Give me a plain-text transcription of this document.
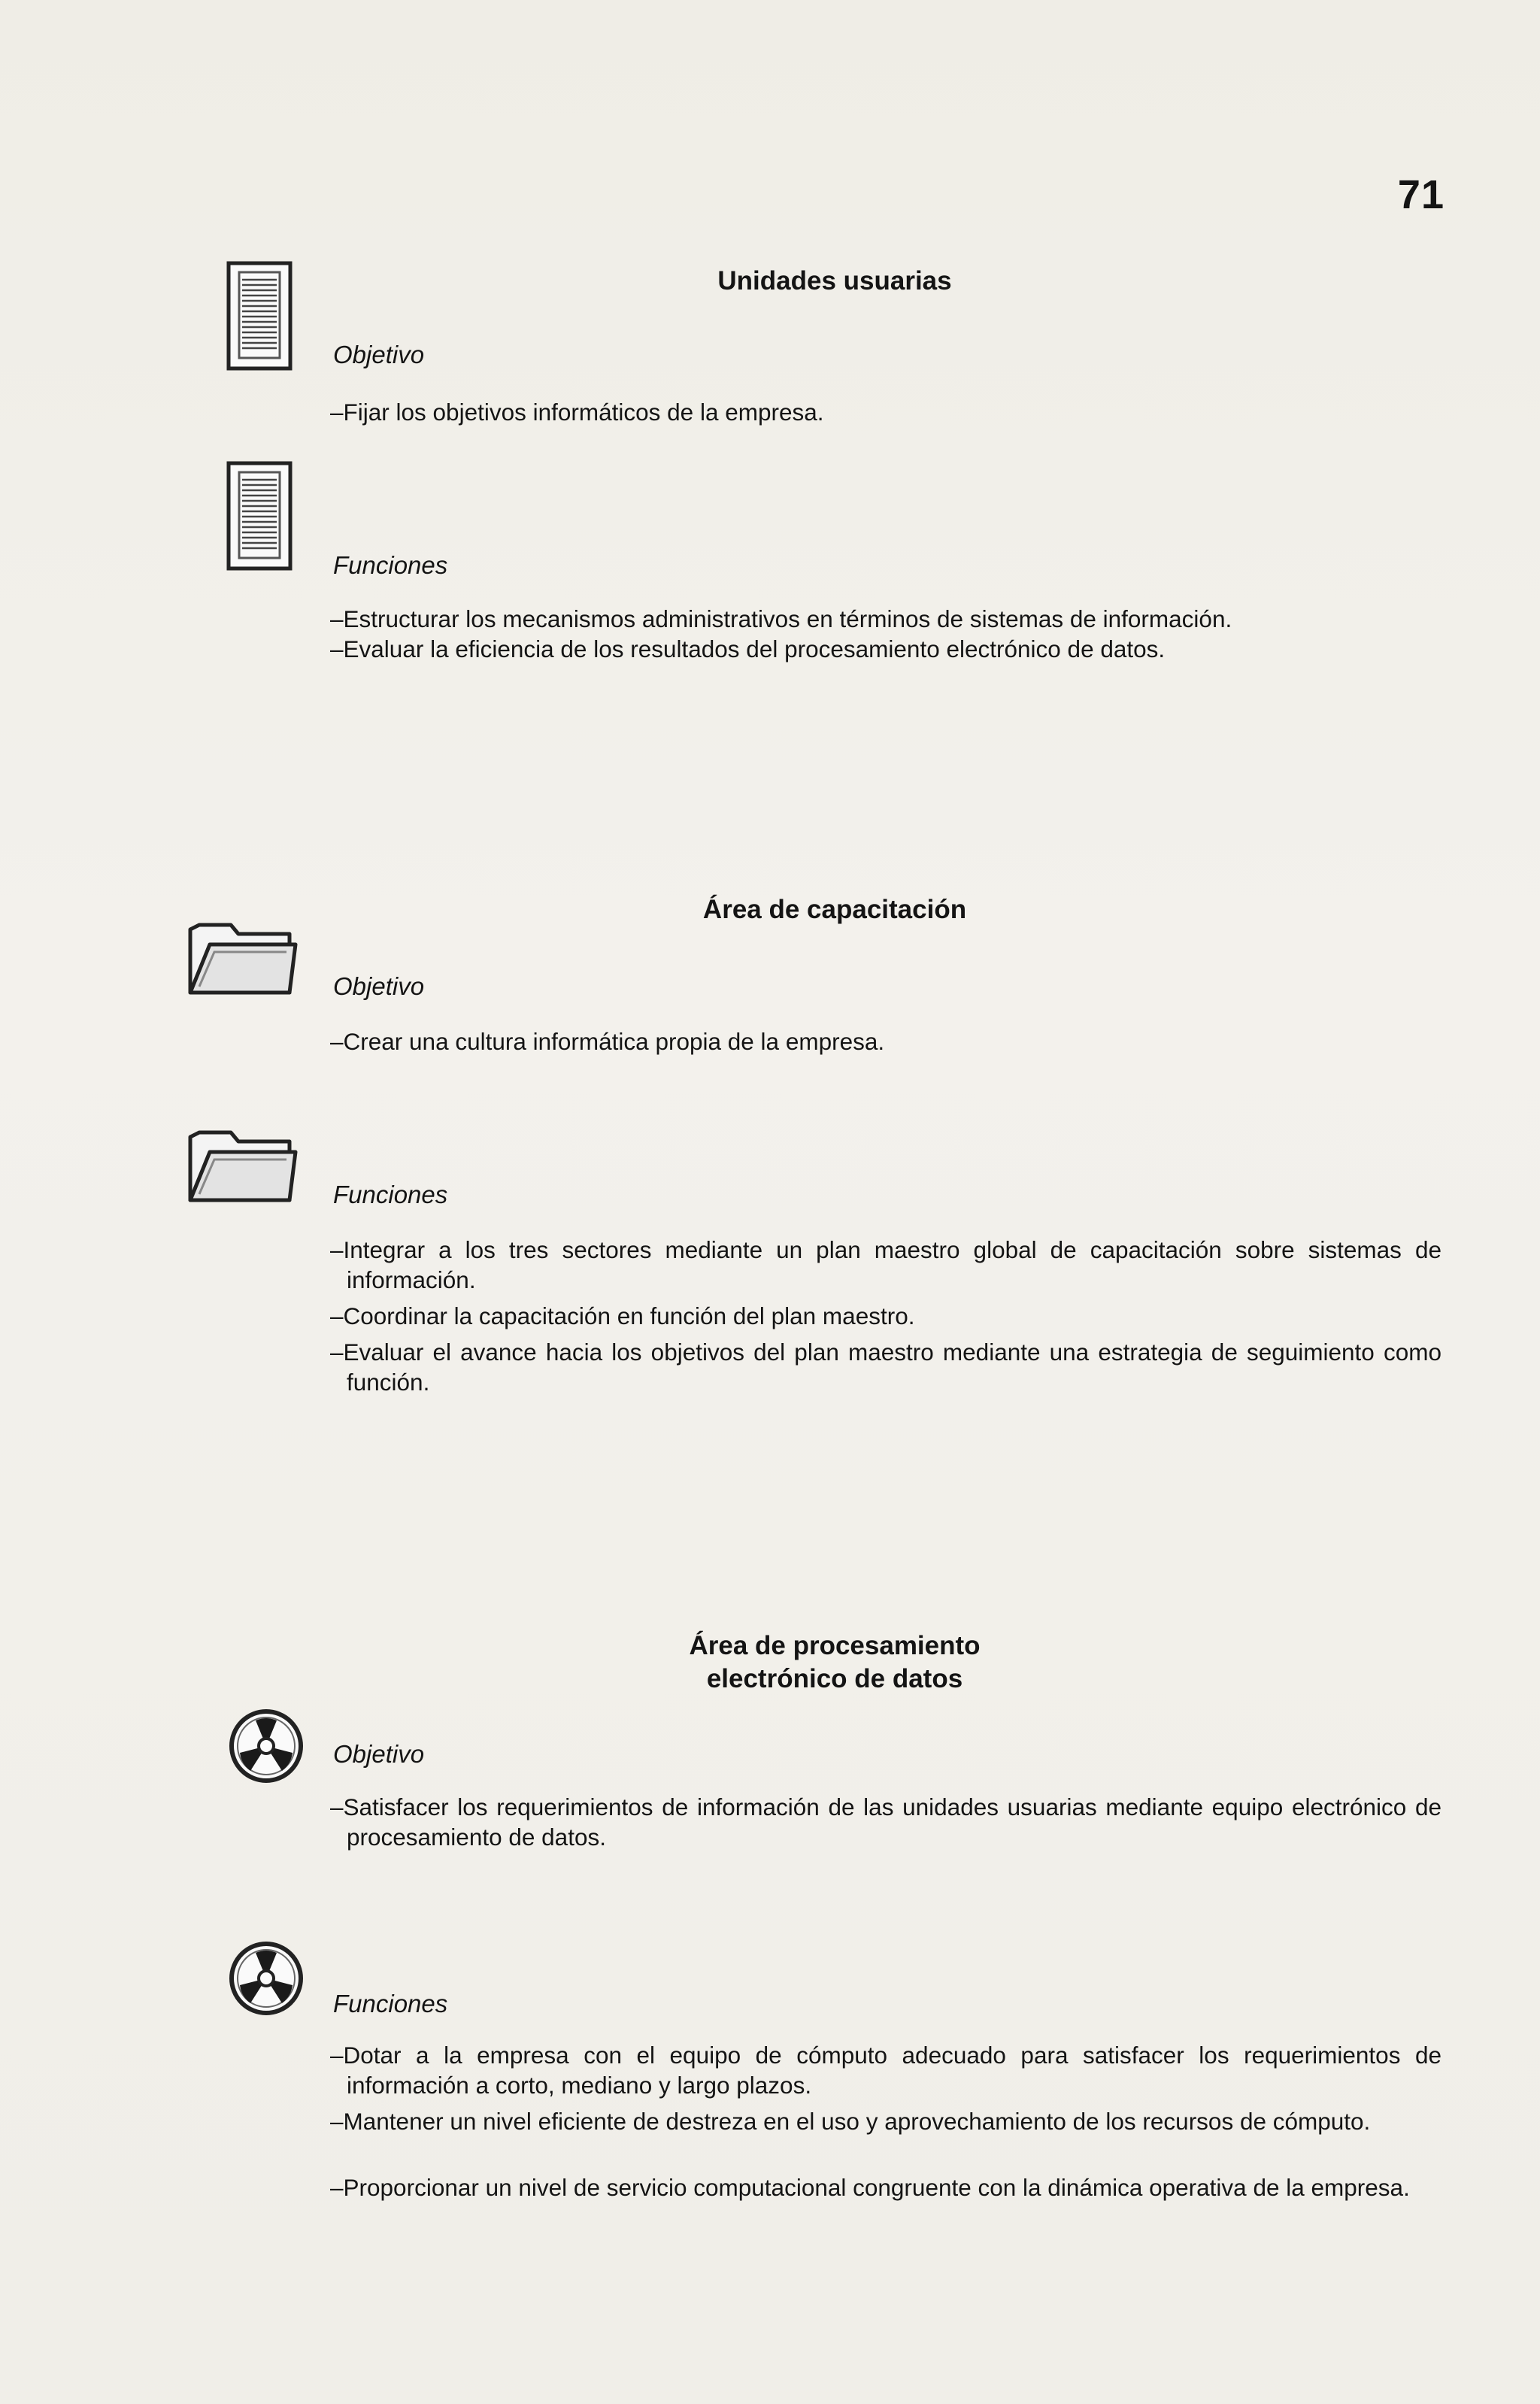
71
Unidades usuarias
Objetivo
–Fijar los objetivos informáticos de la empresa.
Funciones
–Estructurar los mecanismos administrativos en términos de sistemas de información.
–Evaluar la eficiencia de los resultados del procesamiento electrónico de datos.
Área de capacitación
Objetivo
–Crear una cultura informática propia de la empresa.
Funciones
–Integrar a los tres sectores mediante un plan maestro global de capacitación sobre sistemas de información.
–Coordinar la capacitación en función del plan maestro.
–Evaluar el avance hacia los objetivos del plan maestro mediante una estrategia de seguimiento como función.
Área de procesamiento
electrónico de datos
Objetivo
–Satisfacer los requerimientos de información de las unidades usuarias mediante equipo electrónico de procesamiento de datos.
Funciones
–Dotar a la empresa con el equipo de cómputo adecuado para satisfacer los requerimientos de información a corto, mediano y largo plazos.
–Mantener un nivel eficiente de destreza en el uso y aprovechamiento de los recursos de cómputo.
–Proporcionar un nivel de servicio computacional congruente con la dinámica operativa de la empresa.
